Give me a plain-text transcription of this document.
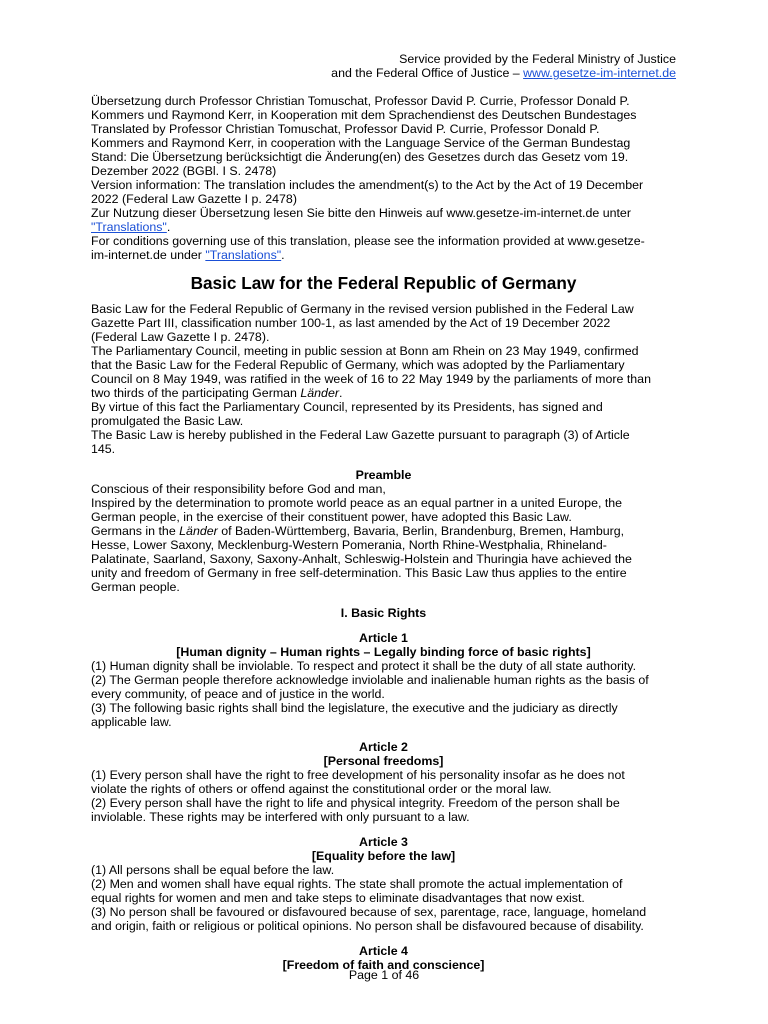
Service provided by the Federal Ministry of Justice
and the Federal Office of Justice – www.gesetze-im-internet.de

Übersetzung durch Professor Christian Tomuschat, Professor David P. Currie, Professor Donald P.

Kommers und Raymond Kerr, in Kooperation mit dem Sprachendienst des Deutschen Bundestages

Translated by Professor Christian Tomuschat, Professor David P. Currie, Professor Donald P.

Kommers and Raymond Kerr, in cooperation with the Language Service of the German Bundestag

Stand: Die Übersetzung berücksichtigt die Änderung(en) des Gesetzes durch das Gesetz vom 19.

Dezember 2022 (BGBl. I S. 2478)

Version information: The translation includes the amendment(s) to the Act by the Act of 19 December

2022 (Federal Law Gazette I p. 2478)

Zur Nutzung dieser Übersetzung lesen Sie bitte den Hinweis auf www.gesetze-im-internet.de unter

"Translations".

For conditions governing use of this translation, please see the information provided at www.gesetze-

im-internet.de under "Translations".

Basic Law for the Federal Republic of Germany

Basic Law for the Federal Republic of Germany in the revised version published in the Federal Law

Gazette Part III, classification number 100-1, as last amended by the Act of 19 December 2022

(Federal Law Gazette I p. 2478).

The Parliamentary Council, meeting in public session at Bonn am Rhein on 23 May 1949, confirmed

that the Basic Law for the Federal Republic of Germany, which was adopted by the Parliamentary

Council on 8 May 1949, was ratified in the week of 16 to 22 May 1949 by the parliaments of more than

two thirds of the participating German Länder.

By virtue of this fact the Parliamentary Council, represented by its Presidents, has signed and

promulgated the Basic Law.

The Basic Law is hereby published in the Federal Law Gazette pursuant to paragraph (3) of Article

145.

Preamble

Conscious of their responsibility before God and man,

Inspired by the determination to promote world peace as an equal partner in a united Europe, the

German people, in the exercise of their constituent power, have adopted this Basic Law.

Germans in the Länder of Baden-Württemberg, Bavaria, Berlin, Brandenburg, Bremen, Hamburg,

Hesse, Lower Saxony, Mecklenburg-Western Pomerania, North Rhine-Westphalia, Rhineland-

Palatinate, Saarland, Saxony, Saxony-Anhalt, Schleswig-Holstein and Thuringia have achieved the

unity and freedom of Germany in free self-determination. This Basic Law thus applies to the entire

German people.

I. Basic Rights
Article 1
[Human dignity – Human rights – Legally binding force of basic rights]

(1) Human dignity shall be inviolable. To respect and protect it shall be the duty of all state authority.

(2) The German people therefore acknowledge inviolable and inalienable human rights as the basis of

every community, of peace and of justice in the world.

(3) The following basic rights shall bind the legislature, the executive and the judiciary as directly

applicable law.

Article 2
[Personal freedoms]

(1) Every person shall have the right to free development of his personality insofar as he does not

violate the rights of others or offend against the constitutional order or the moral law.

(2) Every person shall have the right to life and physical integrity. Freedom of the person shall be

inviolable. These rights may be interfered with only pursuant to a law.

Article 3
[Equality before the law]

(1) All persons shall be equal before the law.

(2) Men and women shall have equal rights. The state shall promote the actual implementation of

equal rights for women and men and take steps to eliminate disadvantages that now exist.

(3) No person shall be favoured or disfavoured because of sex, parentage, race, language, homeland

and origin, faith or religious or political opinions. No person shall be disfavoured because of disability.

Article 4
[Freedom of faith and conscience]
Page 1 of 46
